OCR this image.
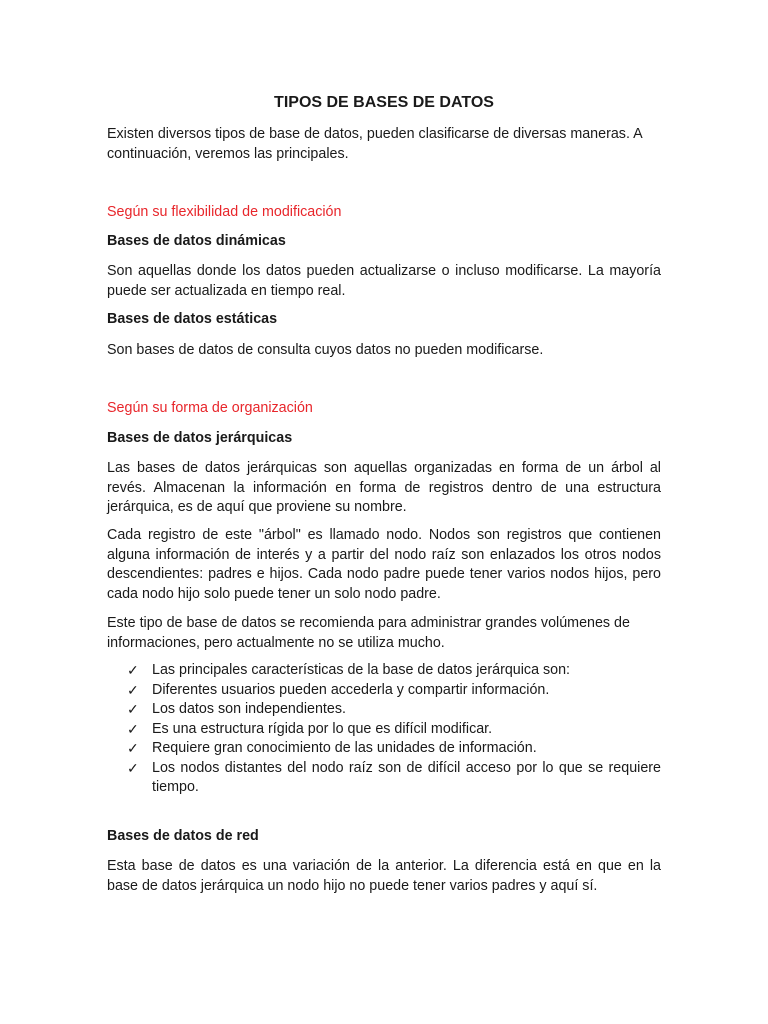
TIPOS DE BASES DE DATOS

Existen diversos tipos de base de datos, pueden clasificarse de diversas maneras. A continuación, veremos las principales.

Según su flexibilidad de modificación

Bases de datos dinámicas

Son aquellas donde los datos pueden actualizarse o incluso modificarse. La mayoría puede ser actualizada en tiempo real.

Bases de datos estáticas

Son bases de datos de consulta cuyos datos no pueden modificarse.

Según su forma de organización

Bases de datos jerárquicas

Las bases de datos jerárquicas son aquellas organizadas en forma de un árbol al revés. Almacenan la información en forma de registros dentro de una estructura jerárquica, es de aquí que proviene su nombre.

Cada registro de este "árbol" es llamado nodo. Nodos son registros que contienen alguna información de interés y a partir del nodo raíz son enlazados los otros nodos descendientes: padres e hijos. Cada nodo padre puede tener varios nodos hijos, pero cada nodo hijo solo puede tener un solo nodo padre.

Este tipo de base de datos se recomienda para administrar grandes volúmenes de informaciones, pero actualmente no se utiliza mucho.

✓ Las principales características de la base de datos jerárquica son:
✓ Diferentes usuarios pueden accederla y compartir información.
✓ Los datos son independientes.
✓ Es una estructura rígida por lo que es difícil modificar.
✓ Requiere gran conocimiento de las unidades de información.
✓ Los nodos distantes del nodo raíz son de difícil acceso por lo que se requiere tiempo.

Bases de datos de red

Esta base de datos es una variación de la anterior. La diferencia está en que en la base de datos jerárquica un nodo hijo no puede tener varios padres y aquí sí.
